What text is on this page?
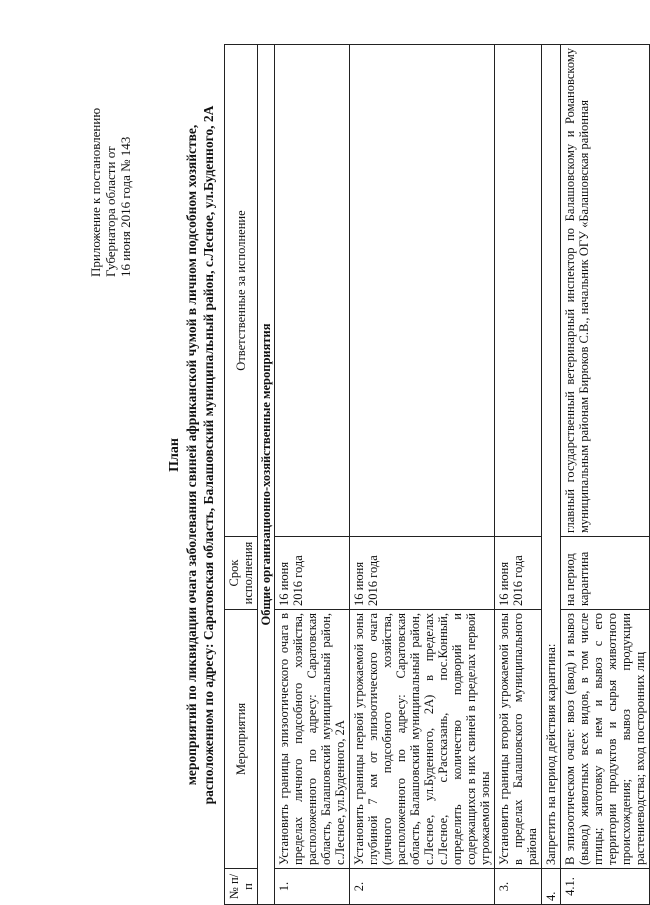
Приложение к постановлению Губернатора области от 16 июня 2016 года № 143
План мероприятий по ликвидации очага заболевания свиней африканской чумой в личном подсобном хозяйстве, расположенном по адресу: Саратовская область, Балашовский муниципальный район, с.Лесное, ул.Буденного, 2А
№ п/п	Мероприятия	Срок исполнения	Ответственные за исполнение
Общие организационно-хозяйственные мероприятия			
1.	Установить границы эпизоотического очага в пределах личного подсобного хозяйства, расположенного по адресу: Саратовская область, Балашовский муниципальный район, с.Лесное, ул.Буденного, 2А	16 июня 2016 года	
2.	Установить границы первой угрожаемой зоны глубиной 7 км от эпизоотического очага (личного подсобного хозяйства, расположенного по адресу: Саратовская область, Балашовский муниципальный район, с.Лесное, ул.Буденного, 2А) в пределах с.Лесное, с.Рассказань, пос.Конный, определить количество подворий и содержащихся в них свиней в пределах первой угрожаемой зоны	16 июня 2016 года	
3.	Установить границы второй угрожаемой зоны в пределах Балашовского муниципального района	16 июня 2016 года	
4.	Запретить на период действия карантина:		
4.1.	В эпизоотическом очаге: ввоз (ввод) и вывоз (вывод) животных всех видов, в том числе птицы; заготовку в нем и вывоз с его территории продуктов и сырья животного происхождения; вывоз продукции растениеводства; вход посторонних лиц	на период карантина	главный государственный ветеринарный инспектор по Балашовскому и Романовскому муниципальным районам Бирюков С.В., начальник ОГУ «Балашовская районная
